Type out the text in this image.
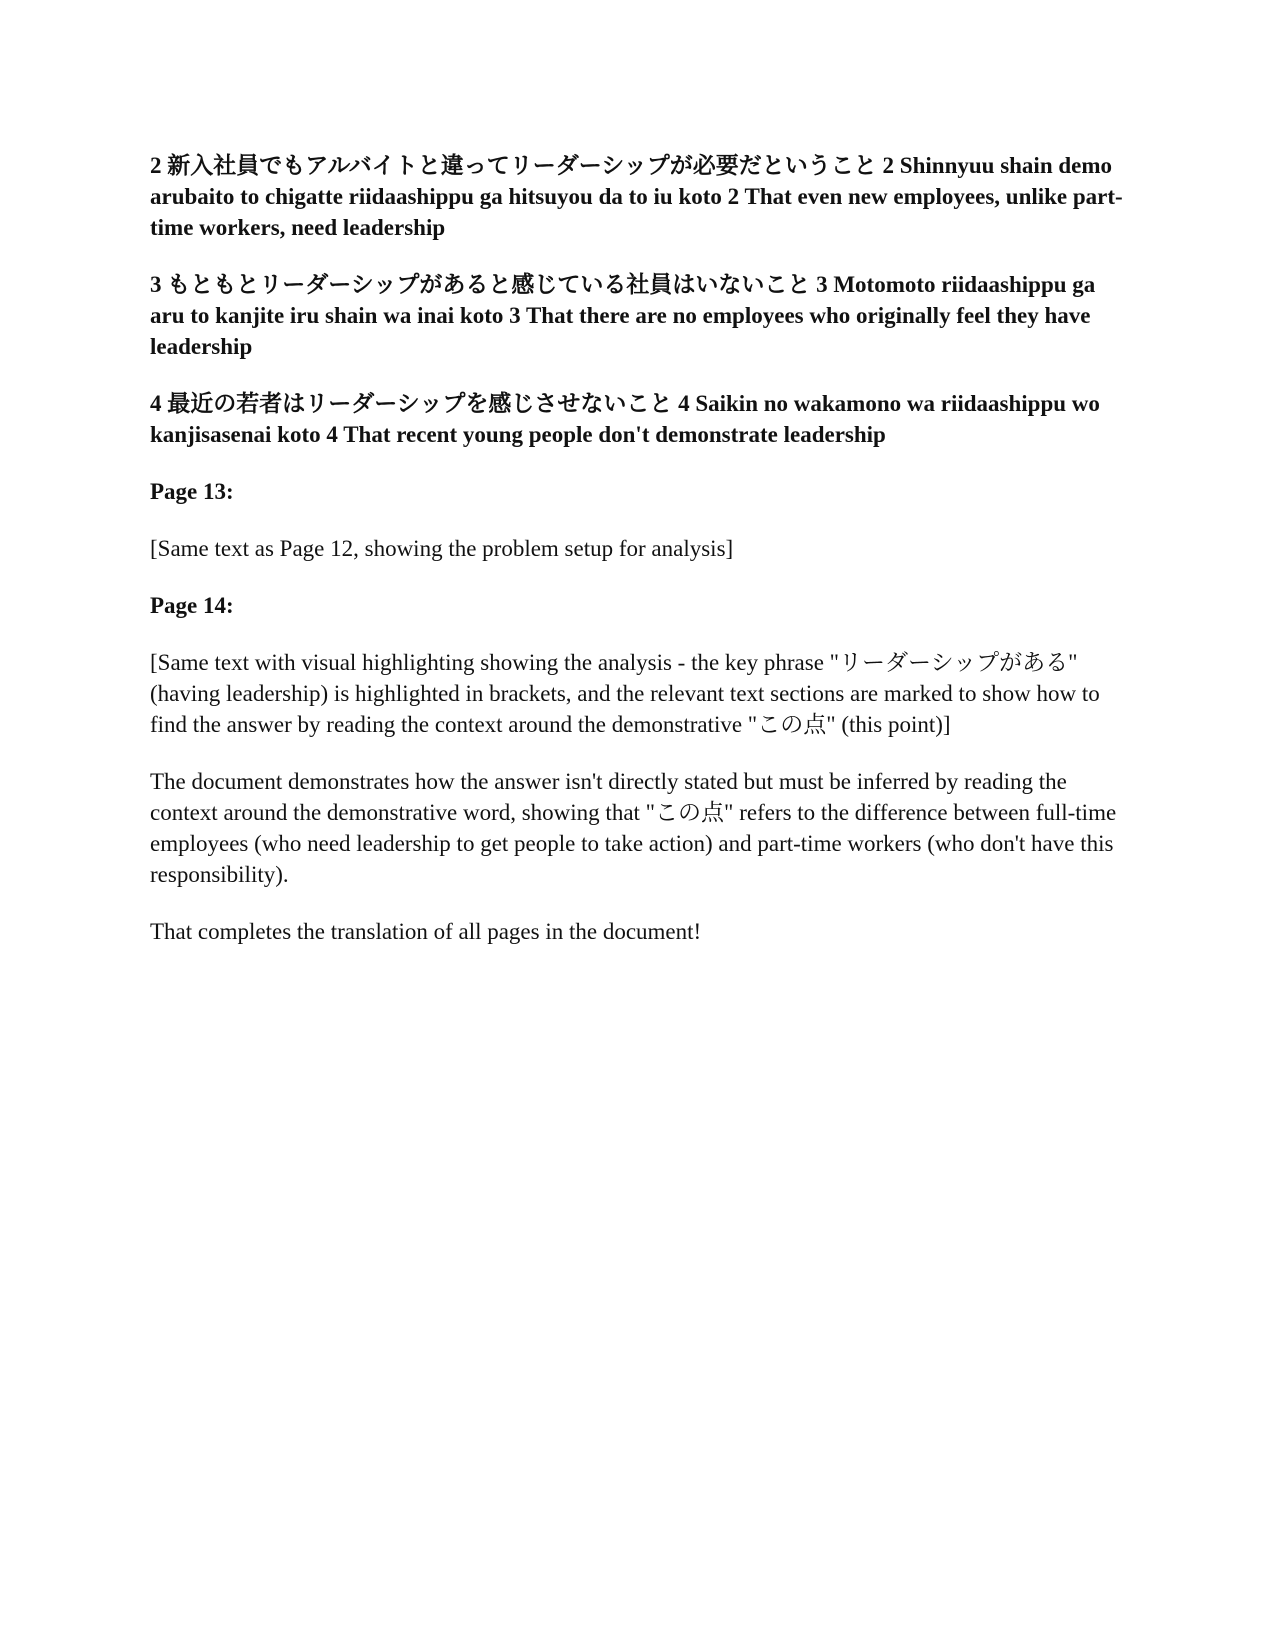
2 新入社員でもアルバイトと違ってリーダーシップが必要だということ 2 Shinnyuu shain demo arubaito to chigatte riidaashippu ga hitsuyou da to iu koto 2 That even new employees, unlike part-time workers, need leadership

3 もともとリーダーシップがあると感じている社員はいないこと 3 Motomoto riidaashippu ga aru to kanjite iru shain wa inai koto 3 That there are no employees who originally feel they have leadership

4 最近の若者はリーダーシップを感じさせないこと 4 Saikin no wakamono wa riidaashippu wo kanjisasenai koto 4 That recent young people don't demonstrate leadership

Page 13:

[Same text as Page 12, showing the problem setup for analysis]

Page 14:

[Same text with visual highlighting showing the analysis - the key phrase "リーダーシップがある" (having leadership) is highlighted in brackets, and the relevant text sections are marked to show how to find the answer by reading the context around the demonstrative "この点" (this point)]

The document demonstrates how the answer isn't directly stated but must be inferred by reading the context around the demonstrative word, showing that "この点" refers to the difference between full-time employees (who need leadership to get people to take action) and part-time workers (who don't have this responsibility).

That completes the translation of all pages in the document!
